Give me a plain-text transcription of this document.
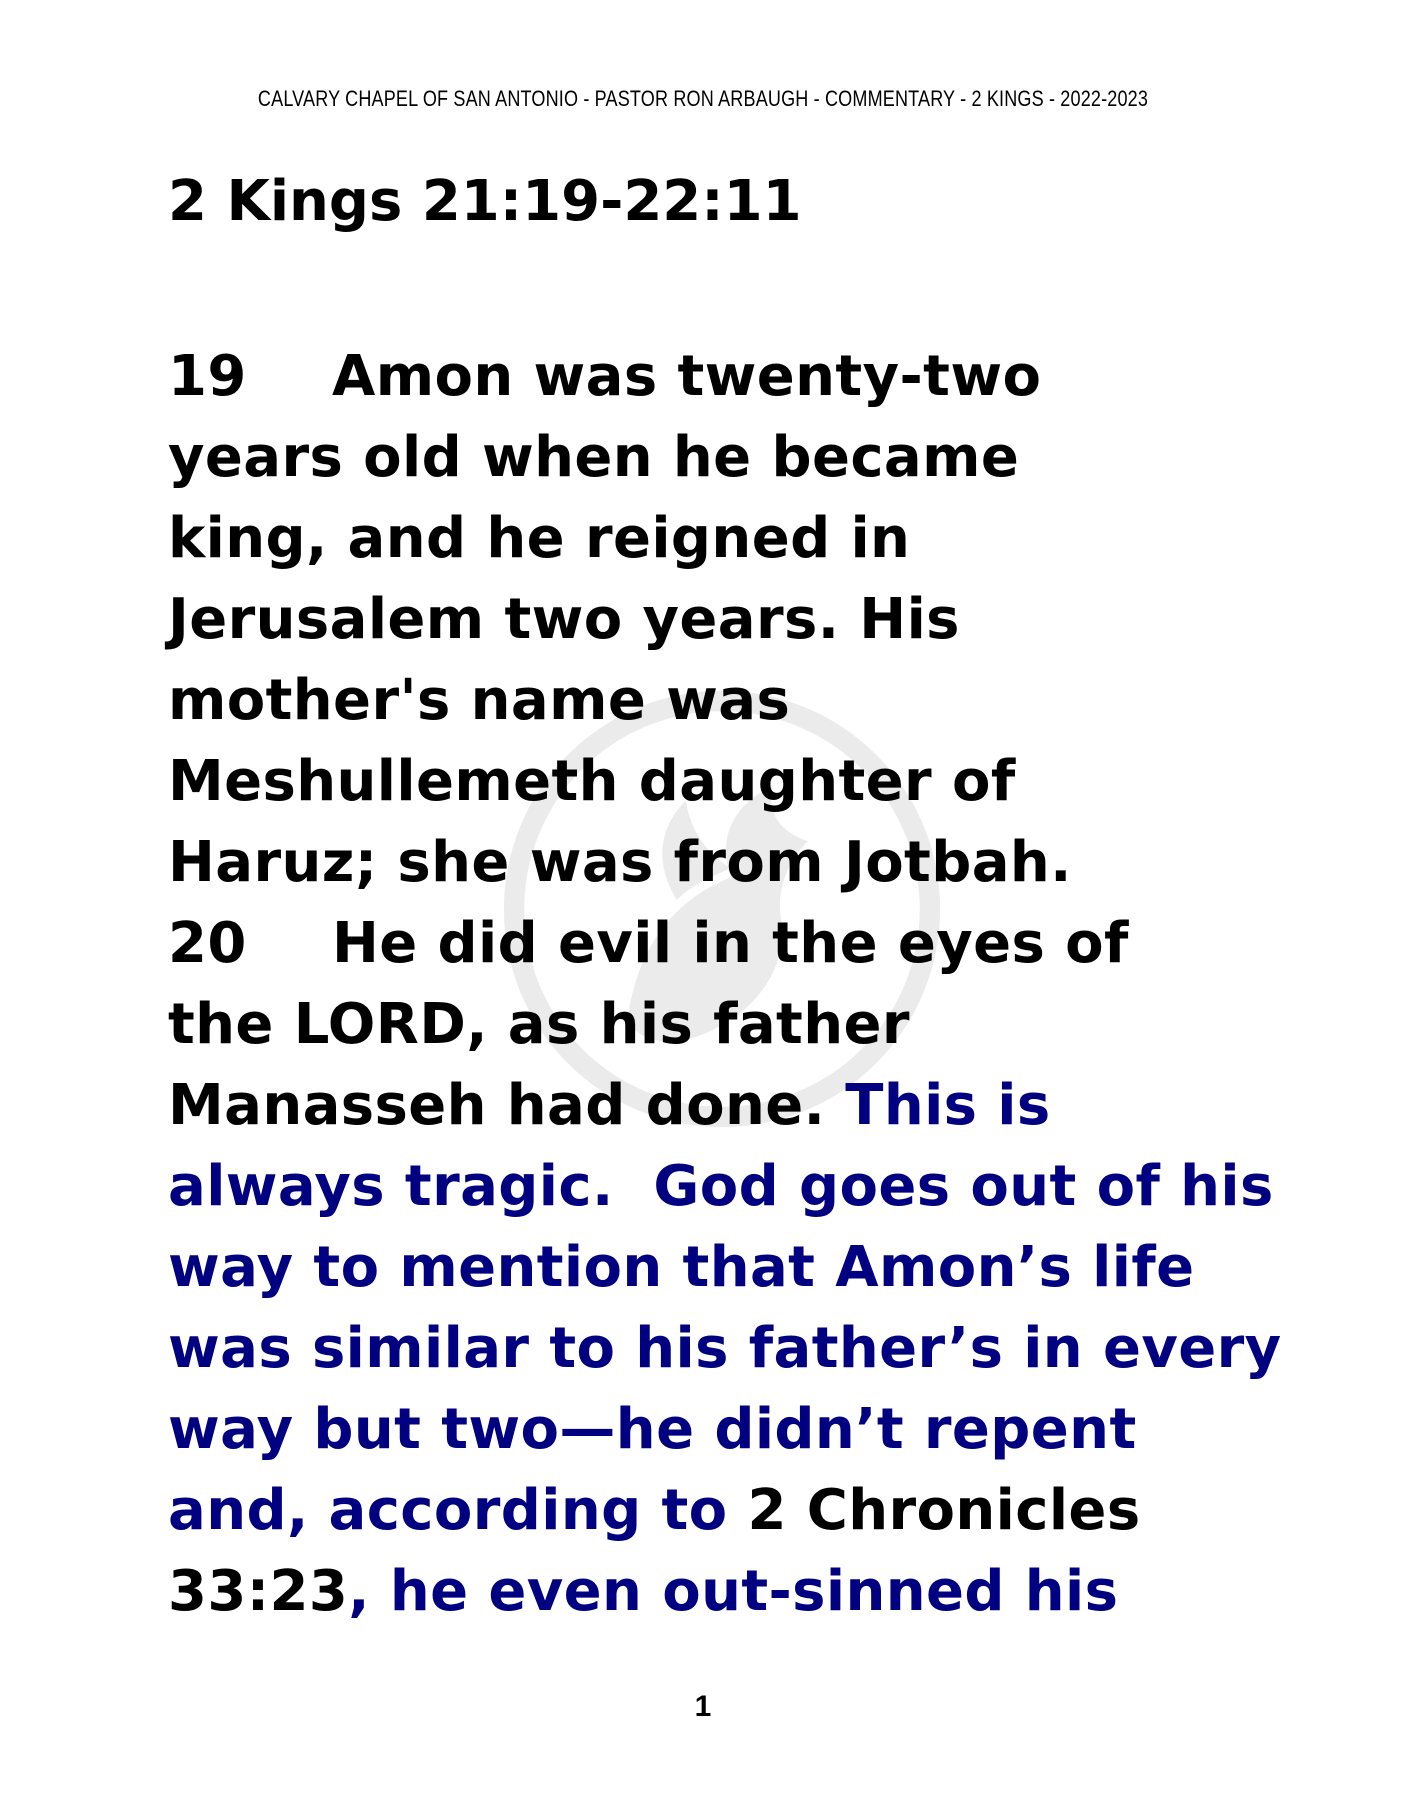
CALVARY CHAPEL OF SAN ANTONIO - PASTOR RON ARBAUGH - COMMENTARY - 2 KINGS - 2022-2023
2 Kings 21:19-22:11
19 Amon was twenty-two
years old when he became
king, and he reigned in
Jerusalem two years. His
mother's name was
Meshullemeth daughter of
Haruz; she was from Jotbah.
20 He did evil in the eyes of
the LORD, as his father
Manasseh had done. This is
always tragic.  God goes out of his
way to mention that Amon’s life
was similar to his father’s in every
way but two—he didn’t repent
and, according to 2 Chronicles
33:23, he even out-sinned his
1
